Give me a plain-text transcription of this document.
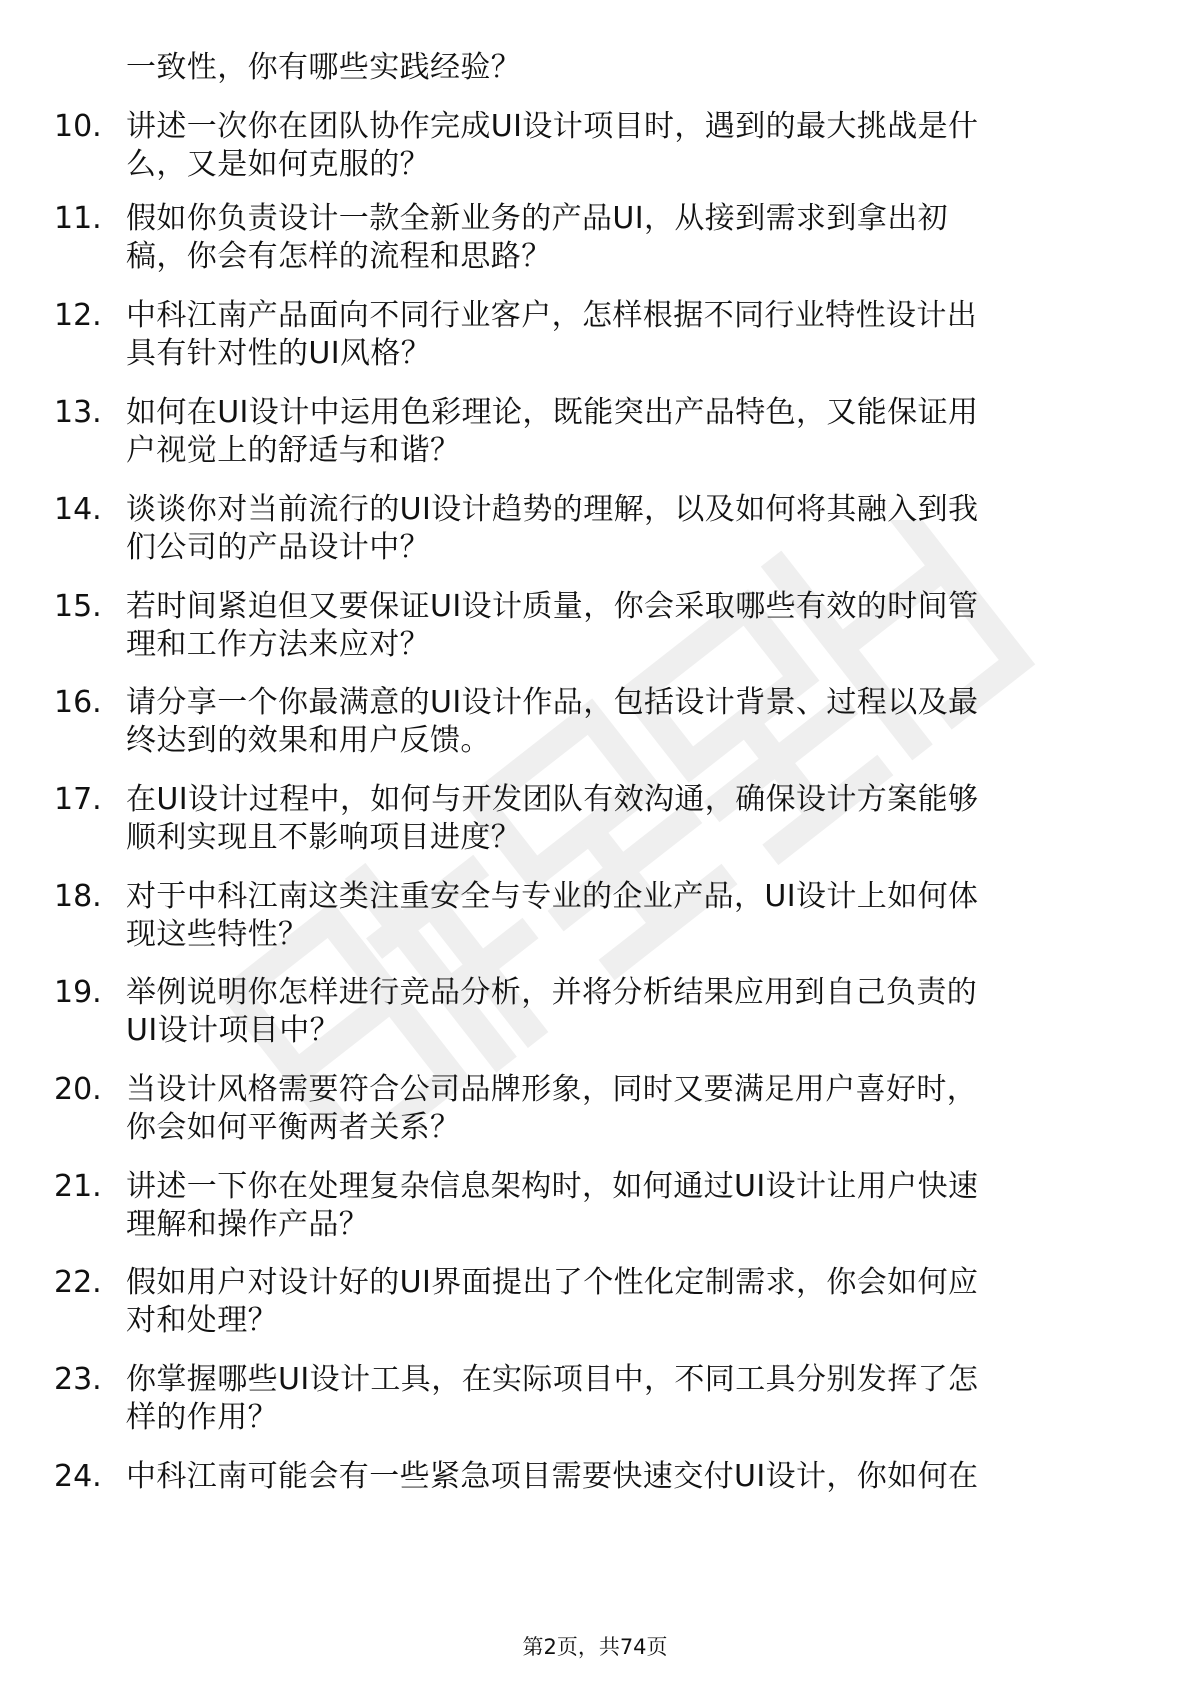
一致性，你有哪些实践经验？
10. 讲述一次你在团队协作完成UI设计项目时，遇到的最大挑战是什
么，又是如何克服的？
11. 假如你负责设计一款全新业务的产品UI，从接到需求到拿出初
稿，你会有怎样的流程和思路？
12. 中科江南产品面向不同行业客户，怎样根据不同行业特性设计出
具有针对性的UI风格？
13. 如何在UI设计中运用色彩理论，既能突出产品特色，又能保证用
户视觉上的舒适与和谐？
14. 谈谈你对当前流行的UI设计趋势的理解，以及如何将其融入到我
们公司的产品设计中？
15. 若时间紧迫但又要保证UI设计质量，你会采取哪些有效的时间管
理和工作方法来应对？
16. 请分享一个你最满意的UI设计作品，包括设计背景、过程以及最
终达到的效果和用户反馈。
17. 在UI设计过程中，如何与开发团队有效沟通，确保设计方案能够
顺利实现且不影响项目进度？
18. 对于中科江南这类注重安全与专业的企业产品，UI设计上如何体
现这些特性？
19. 举例说明你怎样进行竞品分析，并将分析结果应用到自己负责的
UI设计项目中？
20. 当设计风格需要符合公司品牌形象，同时又要满足用户喜好时，
你会如何平衡两者关系？
21. 讲述一下你在处理复杂信息架构时，如何通过UI设计让用户快速
理解和操作产品？
22. 假如用户对设计好的UI界面提出了个性化定制需求，你会如何应
对和处理？
23. 你掌握哪些UI设计工具，在实际项目中，不同工具分别发挥了怎
样的作用？
24. 中科江南可能会有一些紧急项目需要快速交付UI设计，你如何在
第2页，共74页
